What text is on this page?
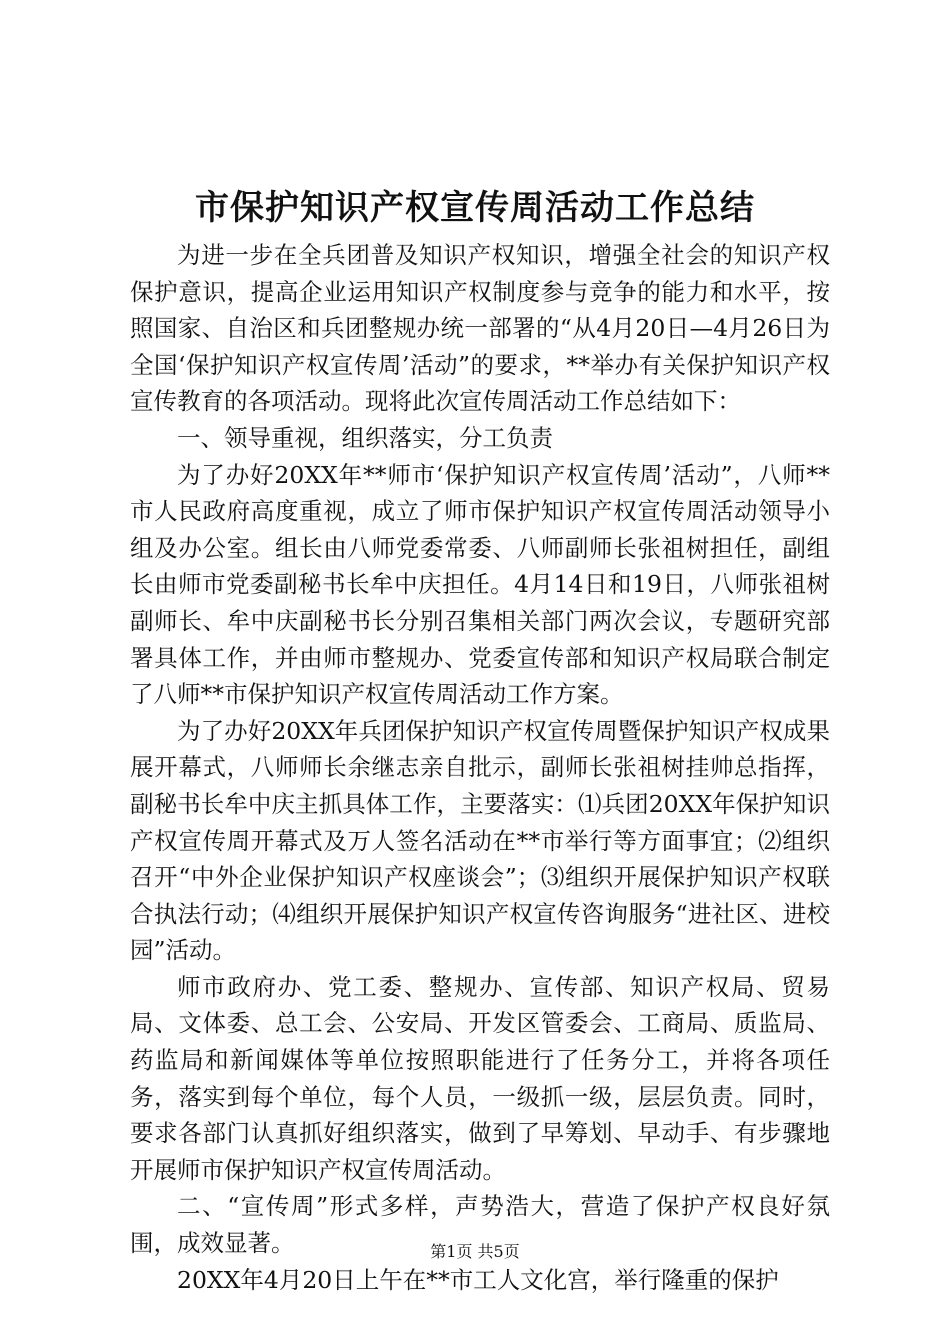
市保护知识产权宣传周活动工作总结

为进一步在全兵团普及知识产权知识，增强全社会的知识产权保护意识，提高企业运用知识产权制度参与竞争的能力和水平，按照国家、自治区和兵团整规办统一部署的“从4月20日—4月26日为全国‘保护知识产权宣传周’活动”的要求，**举办有关保护知识产权宣传教育的各项活动。现将此次宣传周活动工作总结如下：

一、领导重视，组织落实，分工负责

为了办好20XX年**师市‘保护知识产权宣传周’活动”，八师**市人民政府高度重视，成立了师市保护知识产权宣传周活动领导小组及办公室。组长由八师党委常委、八师副师长张祖树担任，副组长由师市党委副秘书长牟中庆担任。4月14日和19日，八师张祖树副师长、牟中庆副秘书长分别召集相关部门两次会议，专题研究部署具体工作，并由师市整规办、党委宣传部和知识产权局联合制定了八师**市保护知识产权宣传周活动工作方案。

为了办好20XX年兵团保护知识产权宣传周暨保护知识产权成果展开幕式，八师师长余继志亲自批示，副师长张祖树挂帅总指挥，副秘书长牟中庆主抓具体工作，主要落实：⑴兵团20XX年保护知识产权宣传周开幕式及万人签名活动在**市举行等方面事宜；⑵组织召开“中外企业保护知识产权座谈会”；⑶组织开展保护知识产权联合执法行动；⑷组织开展保护知识产权宣传咨询服务“进社区、进校园”活动。

师市政府办、党工委、整规办、宣传部、知识产权局、贸易局、文体委、总工会、公安局、开发区管委会、工商局、质监局、药监局和新闻媒体等单位按照职能进行了任务分工，并将各项任务，落实到每个单位，每个人员，一级抓一级，层层负责。同时，要求各部门认真抓好组织落实，做到了早筹划、早动手、有步骤地开展师市保护知识产权宣传周活动。

二、“宣传周”形式多样，声势浩大，营造了保护产权良好氛围，成效显著。

20XX年4月20日上午在**市工人文化宫，举行隆重的保护

第1页 共5页
